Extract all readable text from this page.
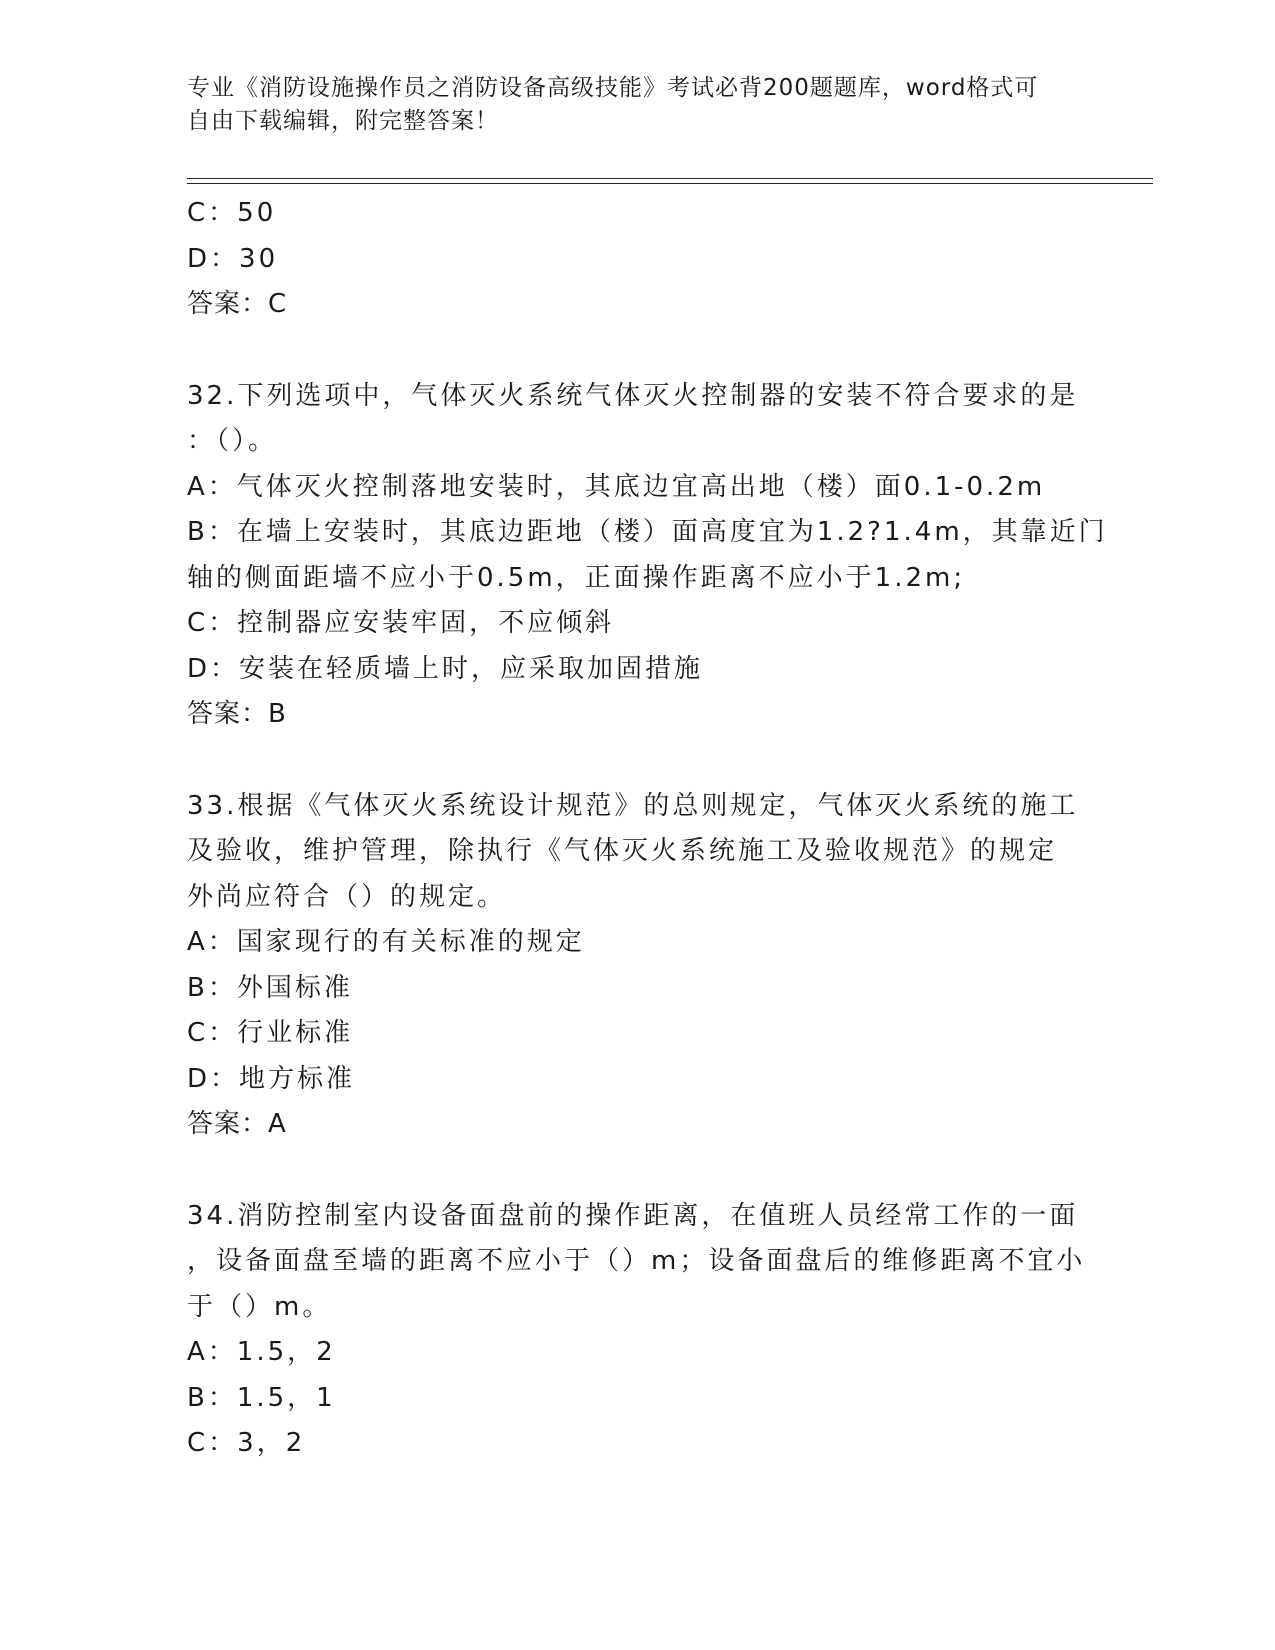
专业《消防设施操作员之消防设备高级技能》考试必背200题题库，word格式可
自由下载编辑，附完整答案！
C：50
D：30
答案：C
32.下列选项中，气体灭火系统气体灭火控制器的安装不符合要求的是
：（）。
A：气体灭火控制落地安装时，其底边宜高出地（楼）面0.1-0.2m
B：在墙上安装时，其底边距地（楼）面高度宜为1.2?1.4m，其靠近门
轴的侧面距墙不应小于0.5m，正面操作距离不应小于1.2m;
C：控制器应安装牢固，不应倾斜
D：安装在轻质墙上时，应采取加固措施
答案：B
33.根据《气体灭火系统设计规范》的总则规定，气体灭火系统的施工
及验收，维护管理，除执行《气体灭火系统施工及验收规范》的规定
外尚应符合（）的规定。
A：国家现行的有关标准的规定
B：外国标准
C：行业标准
D：地方标准
答案：A
34.消防控制室内设备面盘前的操作距离，在值班人员经常工作的一面
，设备面盘至墙的距离不应小于（）m；设备面盘后的维修距离不宜小
于（）m。
A：1.5，2
B：1.5，1
C：3，2
